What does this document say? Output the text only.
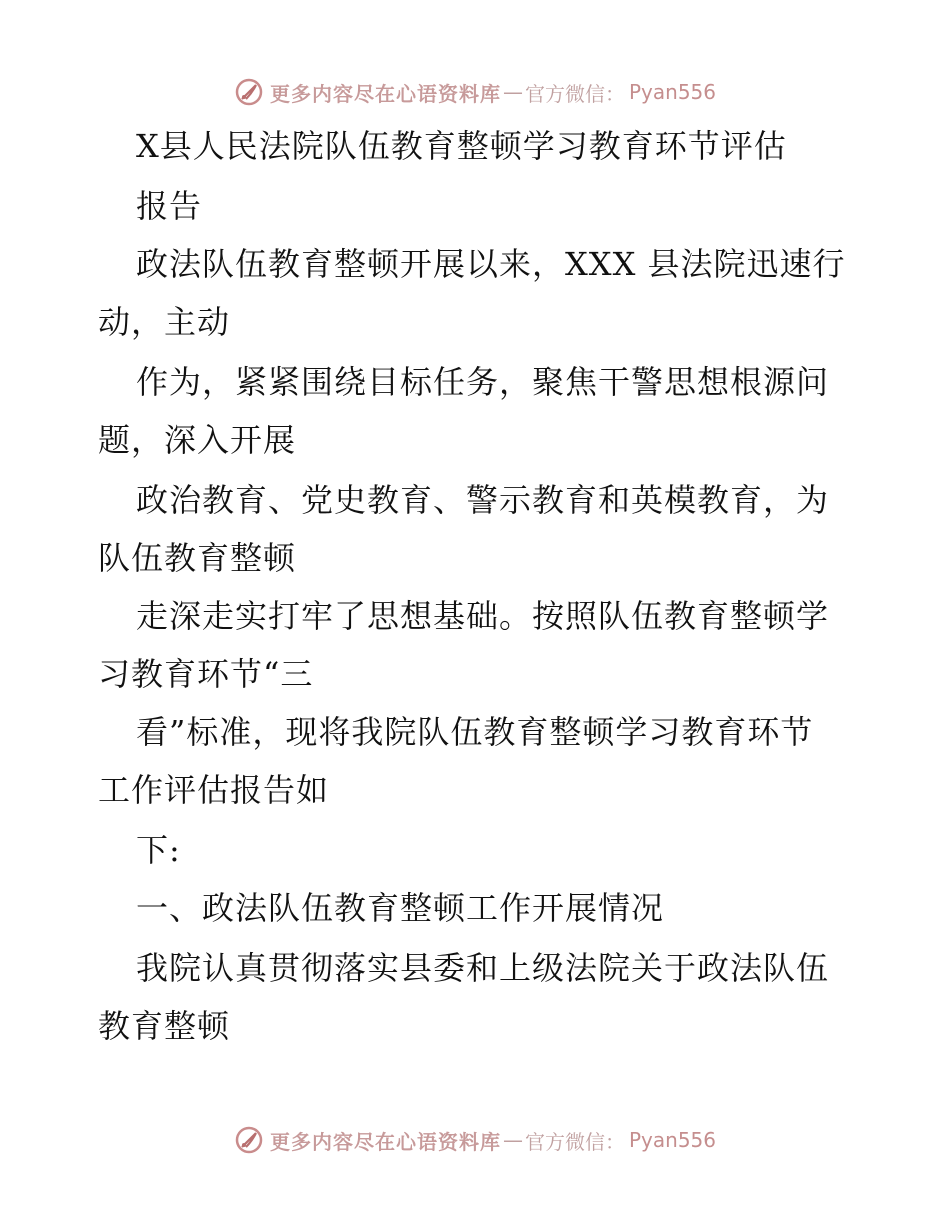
更多内容尽在心语资料库 — 官方微信： Pyan556
X县人民法院队伍教育整顿学习教育环节评估
报告
政法队伍教育整顿开展以来，XXX 县法院迅速行
动，主动
作为，紧紧围绕目标任务，聚焦干警思想根源问
题，深入开展
政治教育、党史教育、警示教育和英模教育，为
队伍教育整顿
走深走实打牢了思想基础。按照队伍教育整顿学
习教育环节“三
看”标准，现将我院队伍教育整顿学习教育环节
工作评估报告如
下:
一、政法队伍教育整顿工作开展情况
我院认真贯彻落实县委和上级法院关于政法队伍
教育整顿
更多内容尽在心语资料库 — 官方微信： Pyan556
